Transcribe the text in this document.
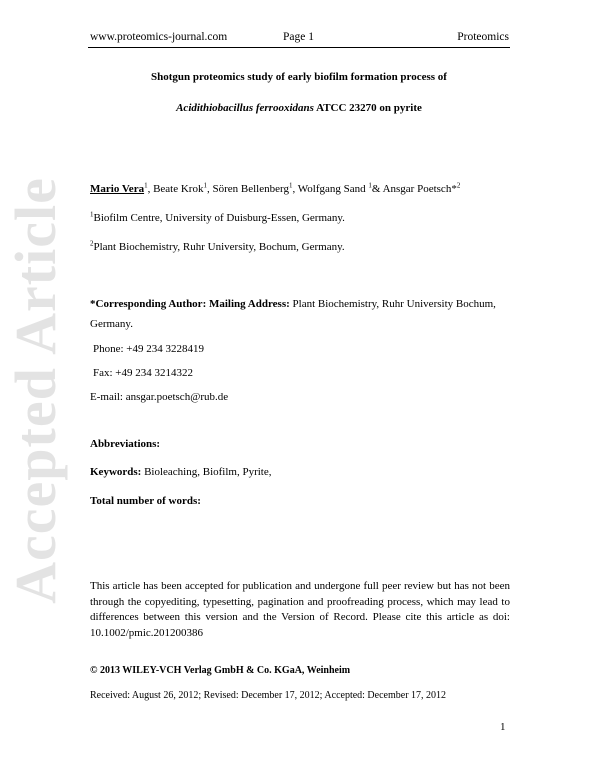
www.proteomics-journal.com	Page 1	Proteomics
Accepted Article
Shotgun proteomics study of early biofilm formation process of
Acidithiobacillus ferrooxidans ATCC 23270 on pyrite
Mario Vera$^1$, Beate Krok$^1$, Sören Bellenberg$^1$, Wolfgang Sand $^1$& Ansgar Poetsch*$^2$
$^1$Biofilm Centre, University of Duisburg-Essen, Germany.
$^2$Plant Biochemistry, Ruhr University, Bochum, Germany.
*Corresponding Author: Mailing Address: Plant Biochemistry, Ruhr University Bochum,
Germany.
Phone: +49 234 3228419
Fax: +49 234 3214322
E-mail: ansgar.poetsch@rub.de
Abbreviations:
Keywords: Bioleaching, Biofilm, Pyrite,
Total number of words:
This article has been accepted for publication and undergone full peer review but has not been through the copyediting, typesetting, pagination and proofreading process, which may lead to differences between this version and the Version of Record. Please cite this article as doi: 10.1002/pmic.201200386
© 2013 WILEY-VCH Verlag GmbH & Co. KGaA, Weinheim
Received: August 26, 2012; Revised: December 17, 2012; Accepted: December 17, 2012
1
